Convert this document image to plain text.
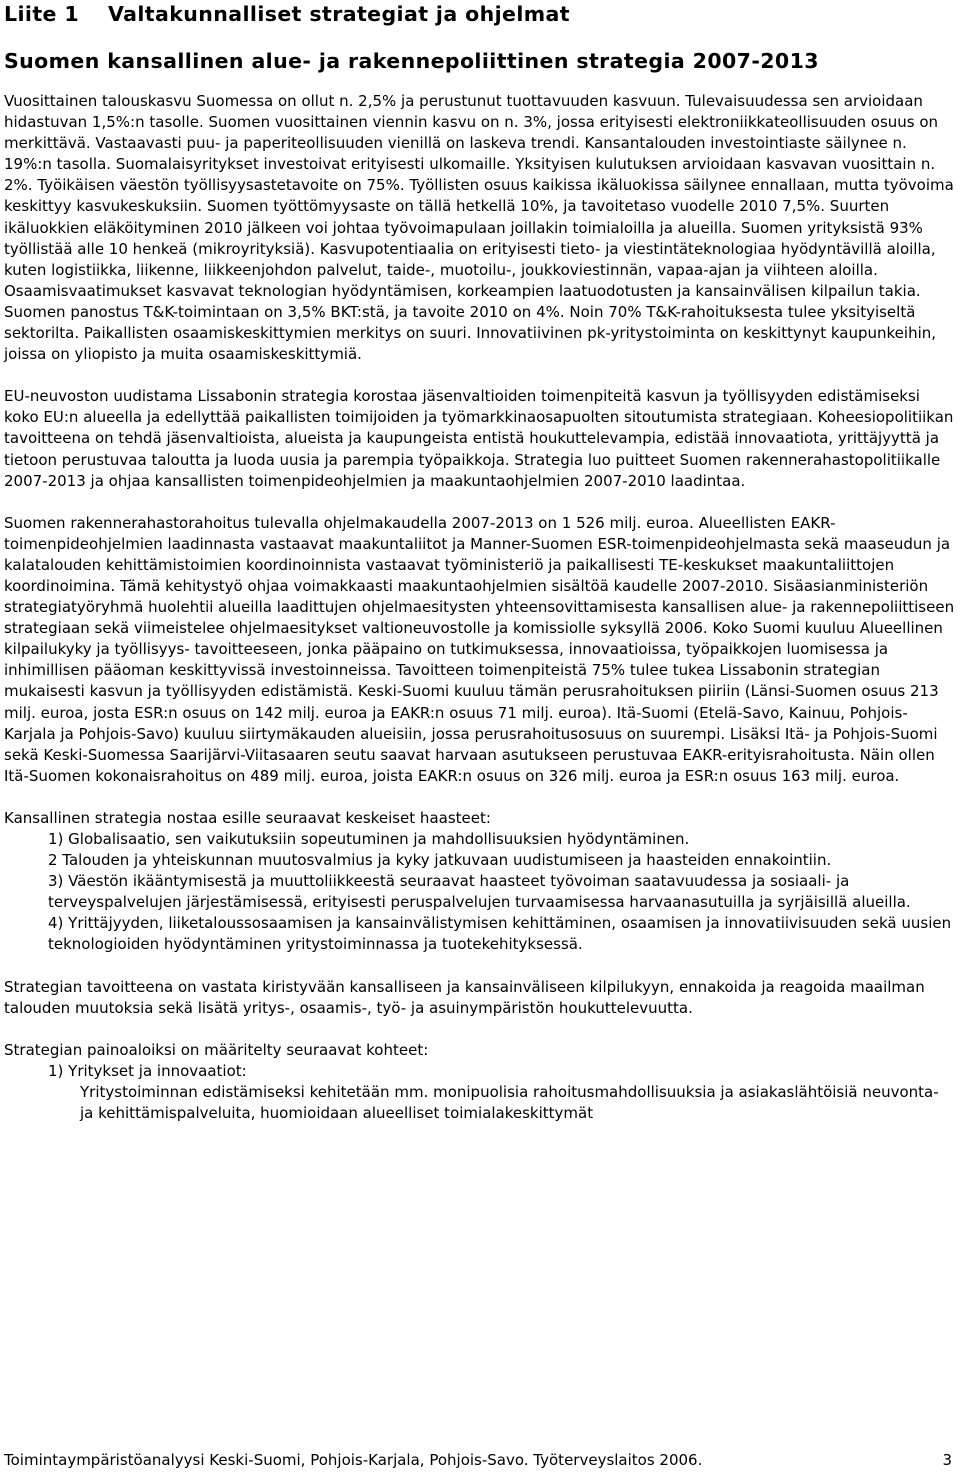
Liite 1 Valtakunnalliset strategiat ja ohjelmat
Suomen kansallinen alue- ja rakennepoliittinen strategia 2007-2013

Vuosittainen talouskasvu Suomessa on ollut n. 2,5% ja perustunut tuottavuuden kasvuun. Tulevaisuudessa sen arvioidaan hidastuvan 1,5%:n tasolle. Suomen vuosittainen viennin kasvu on n. 3%, jossa erityisesti elektroniikkateollisuuden osuus on merkittävä. Vastaavasti puu- ja paperiteollisuuden vienillä on laskeva trendi. Kansantalouden investointiaste säilynee n. 19%:n tasolla. Suomalaisyritykset investoivat erityisesti ulkomaille. Yksityisen kulutuksen arvioidaan kasvavan vuosittain n. 2%. Työikäisen väestön työllisyysastetavoite on 75%. Työllisten osuus kaikissa ikäluokissa säilynee ennallaan, mutta työvoima keskittyy kasvukeskuksiin. Suomen työttömyysaste on tällä hetkellä 10%, ja tavoitetaso vuodelle 2010 7,5%. Suurten ikäluokkien eläköityminen 2010 jälkeen voi johtaa työvoimapulaan joillakin toimialoilla ja alueilla. Suomen yrityksistä 93% työllistää alle 10 henkeä (mikroyrityksiä). Kasvupotentiaalia on erityisesti tieto- ja viestintäteknologiaa hyödyntävillä aloilla, kuten logistiikka, liikenne, liikkeenjohdon palvelut, taide-, muotoilu-, joukkoviestinnän, vapaa-ajan ja viihteen aloilla. Osaamisvaatimukset kasvavat teknologian hyödyntämisen, korkeampien laatuodotusten ja kansainvälisen kilpailun takia. Suomen panostus T&K-toimintaan on 3,5% BKT:stä, ja tavoite 2010 on 4%. Noin 70% T&K-rahoituksesta tulee yksityiseltä sektorilta. Paikallisten osaamiskeskittymien merkitys on suuri. Innovatiivinen pk-yritystoiminta on keskittynyt kaupunkeihin, joissa on yliopisto ja muita osaamiskeskittymiä.

EU-neuvoston uudistama Lissabonin strategia korostaa jäsenvaltioiden toimenpiteitä kasvun ja työllisyyden edistämiseksi koko EU:n alueella ja edellyttää paikallisten toimijoiden ja työmarkkinaosapuolten sitoutumista strategiaan. Koheesiopolitiikan tavoitteena on tehdä jäsenvaltioista, alueista ja kaupungeista entistä houkuttelevampia, edistää innovaatiota, yrittäjyyttä ja tietoon perustuvaa taloutta ja luoda uusia ja parempia työpaikkoja. Strategia luo puitteet Suomen rakennerahastopolitiikalle 2007-2013 ja ohjaa kansallisten toimenpideohjelmien ja maakuntaohjelmien 2007-2010 laadintaa.

Suomen rakennerahastorahoitus tulevalla ohjelmakaudella 2007-2013 on 1 526 milj. euroa. Alueellisten EAKR-toimenpideohjelmien laadinnasta vastaavat maakuntaliitot ja Manner-Suomen ESR-toimenpideohjelmasta sekä maaseudun ja kalatalouden kehittämistoimien koordinoinnista vastaavat työministeriö ja paikallisesti TE-keskukset maakuntaliittojen koordinoimina. Tämä kehitystyö ohjaa voimakkaasti maakuntaohjelmien sisältöä kaudelle 2007-2010. Sisäasianministeriön strategiatyöryhmä huolehtii alueilla laadittujen ohjelmaesitysten yhteensovittamisesta kansallisen alue- ja rakennepoliittiseen strategiaan sekä viimeistelee ohjelmaesitykset valtioneuvostolle ja komissiolle syksyllä 2006. Koko Suomi kuuluu Alueellinen kilpailukyky ja työllisyys- tavoitteeseen, jonka pääpaino on tutkimuksessa, innovaatioissa, työpaikkojen luomisessa ja inhimillisen pääoman keskittyvissä investoinneissa. Tavoitteen toimenpiteistä 75% tulee tukea Lissabonin strategian mukaisesti kasvun ja työllisyyden edistämistä. Keski-Suomi kuuluu tämän perusrahoituksen piiriin (Länsi-Suomen osuus 213 milj. euroa, josta ESR:n osuus on 142 milj. euroa ja EAKR:n osuus 71 milj. euroa). Itä-Suomi (Etelä-Savo, Kainuu, Pohjois-Karjala ja Pohjois-Savo) kuuluu siirtymäkauden alueisiin, jossa perusrahoitusosuus on suurempi. Lisäksi Itä- ja Pohjois-Suomi sekä Keski-Suomessa Saarijärvi-Viitasaaren seutu saavat harvaan asutukseen perustuvaa EAKR-erityisrahoitusta. Näin ollen Itä-Suomen kokonaisrahoitus on 489 milj. euroa, joista EAKR:n osuus on 326 milj. euroa ja ESR:n osuus 163 milj. euroa.

Kansallinen strategia nostaa esille seuraavat keskeiset haasteet:

1) Globalisaatio, sen vaikutuksiin sopeutuminen ja mahdollisuuksien hyödyntäminen.
2 Talouden ja yhteiskunnan muutosvalmius ja kyky jatkuvaan uudistumiseen ja haasteiden ennakointiin.
3) Väestön ikääntymisestä ja muuttoliikkeestä seuraavat haasteet työvoiman saatavuudessa ja sosiaali- ja terveyspalvelujen järjestämisessä, erityisesti peruspalvelujen turvaamisessa harvaanasutuilla ja syrjäisillä alueilla.
4) Yrittäjyyden, liiketaloussosaamisen ja kansainvälistymisen kehittäminen, osaamisen ja innovatiivisuuden sekä uusien teknologioiden hyödyntäminen yritystoiminnassa ja tuotekehityksessä.

Strategian tavoitteena on vastata kiristyvään kansalliseen ja kansainväliseen kilpilukyyn, ennakoida ja reagoida maailman talouden muutoksia sekä lisätä yritys-, osaamis-, työ- ja asuinympäristön houkuttelevuutta.

Strategian painoaloiksi on määritelty seuraavat kohteet:

1) Yritykset ja innovaatiot:
Yritystoiminnan edistämiseksi kehitetään mm. monipuolisia rahoitusmahdollisuuksia ja asiakaslähtöisiä neuvonta- ja kehittämispalveluita, huomioidaan alueelliset toimialakeskittymät
Toimintaympäristöanalyysi Keski-Suomi, Pohjois-Karjala, Pohjois-Savo. Työterveyslaitos 2006.	3
